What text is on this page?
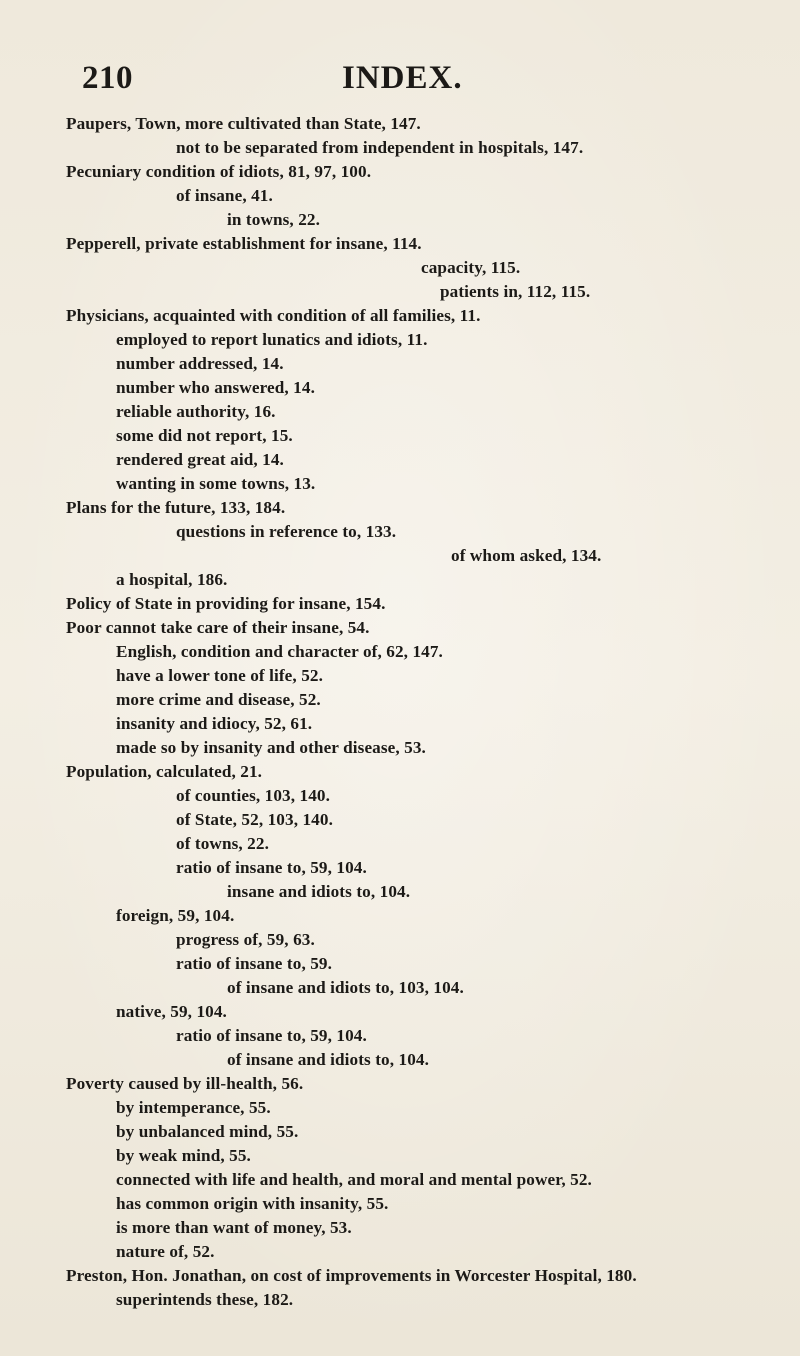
210	INDEX.
Paupers, Town, more cultivated than State, 147.
not to be separated from independent in hospitals, 147.
Pecuniary condition of idiots, 81, 97, 100.
of insane, 41.
in towns, 22.
Pepperell, private establishment for insane, 114.
capacity, 115.
patients in, 112, 115.
Physicians, acquainted with condition of all families, 11.
employed to report lunatics and idiots, 11.
number addressed, 14.
number who answered, 14.
reliable authority, 16.
some did not report, 15.
rendered great aid, 14.
wanting in some towns, 13.
Plans for the future, 133, 184.
questions in reference to, 133.
of whom asked, 134.
a hospital, 186.
Policy of State in providing for insane, 154.
Poor cannot take care of their insane, 54.
English, condition and character of, 62, 147.
have a lower tone of life, 52.
more crime and disease, 52.
insanity and idiocy, 52, 61.
made so by insanity and other disease, 53.
Population, calculated, 21.
of counties, 103, 140.
of State, 52, 103, 140.
of towns, 22.
ratio of insane to, 59, 104.
insane and idiots to, 104.
foreign, 59, 104.
progress of, 59, 63.
ratio of insane to, 59.
of insane and idiots to, 103, 104.
native, 59, 104.
ratio of insane to, 59, 104.
of insane and idiots to, 104.
Poverty caused by ill-health, 56.
by intemperance, 55.
by unbalanced mind, 55.
by weak mind, 55.
connected with life and health, and moral and mental power, 52.
has common origin with insanity, 55.
is more than want of money, 53.
nature of, 52.
Preston, Hon. Jonathan, on cost of improvements in Worcester Hospital, 180.
superintends these, 182.
